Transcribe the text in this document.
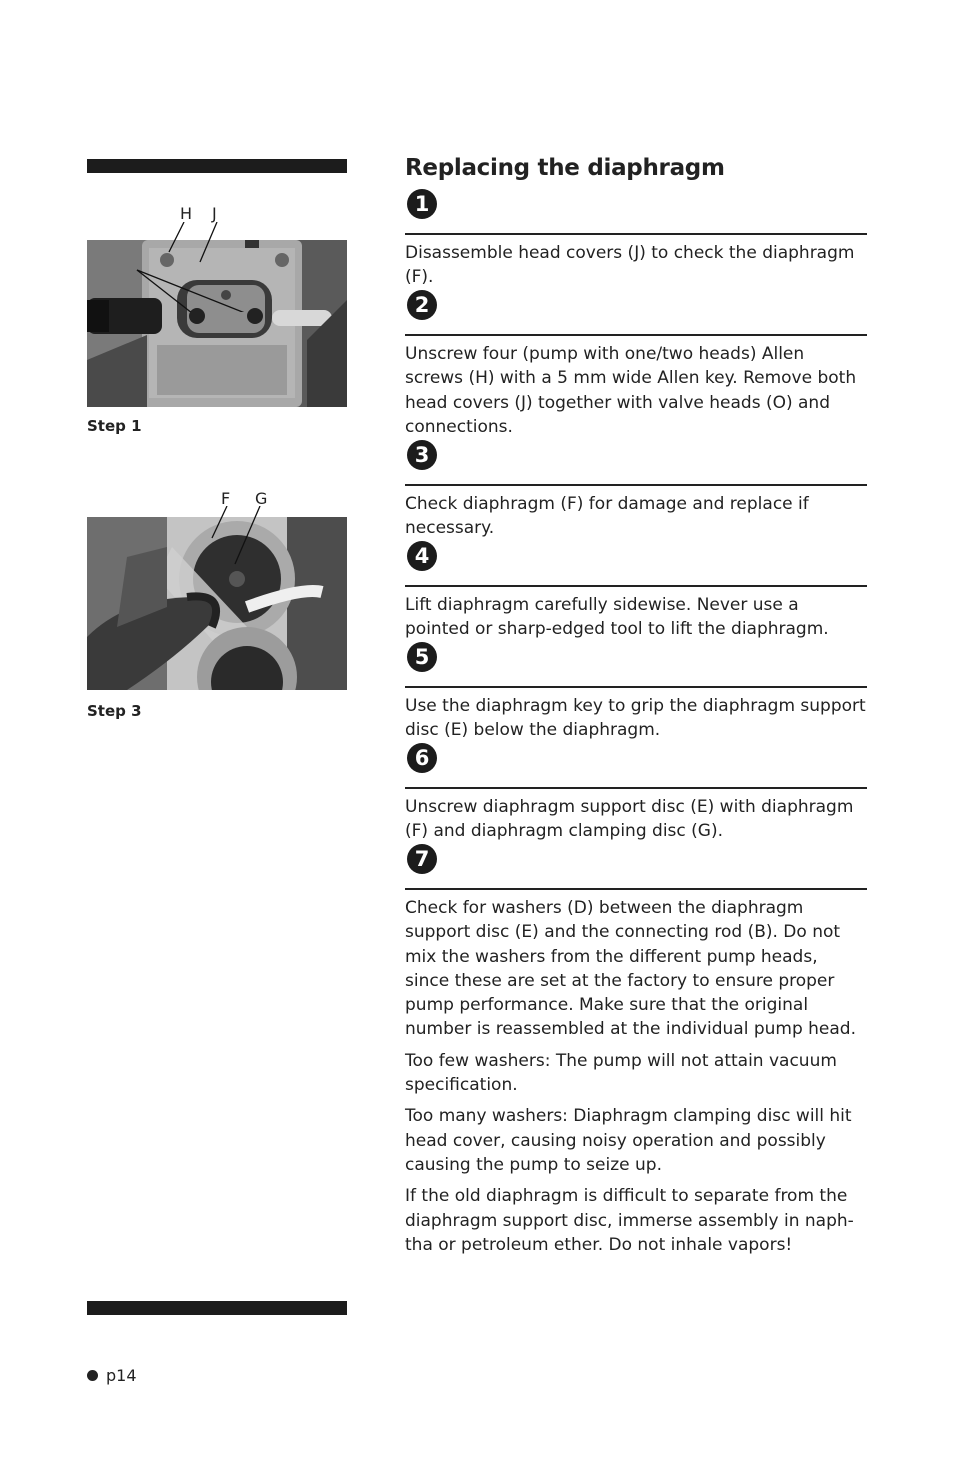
H J
Step 1
F G
Step 3
Replacing the diaphragm
1

Disassemble head covers (J) to check the diaphragm (F).

2

Unscrew four (pump with one/two heads) Allen screws (H) with a 5 mm wide Allen key. Remove both head covers (J) together with valve heads (O) and connections.

3

Check diaphragm (F) for damage and replace if necessary.

4

Lift diaphragm carefully sidewise. Never use a pointed or sharp-edged tool to lift the diaphragm.

5

Use the diaphragm key to grip the diaphragm support disc (E) below the diaphragm.

6

Unscrew diaphragm support disc (E) with diaphragm (F) and diaphragm clamping disc (G).

7

Check for washers (D) between the diaphragm support disc (E) and the connecting rod (B). Do not mix the washers from the different pump heads, since these are set at the factory to ensure proper pump performance. Make sure that the original number is reassembled at the individual pump head.

Too few washers: The pump will not attain vacuum specification.

Too many washers: Diaphragm clamping disc will hit head cover, causing noisy operation and possibly causing the pump to seize up.

If the old diaphragm is difficult to separate from the diaphragm support disc, immerse assembly in naphtha or petroleum ether. Do not inhale vapors!

p14
